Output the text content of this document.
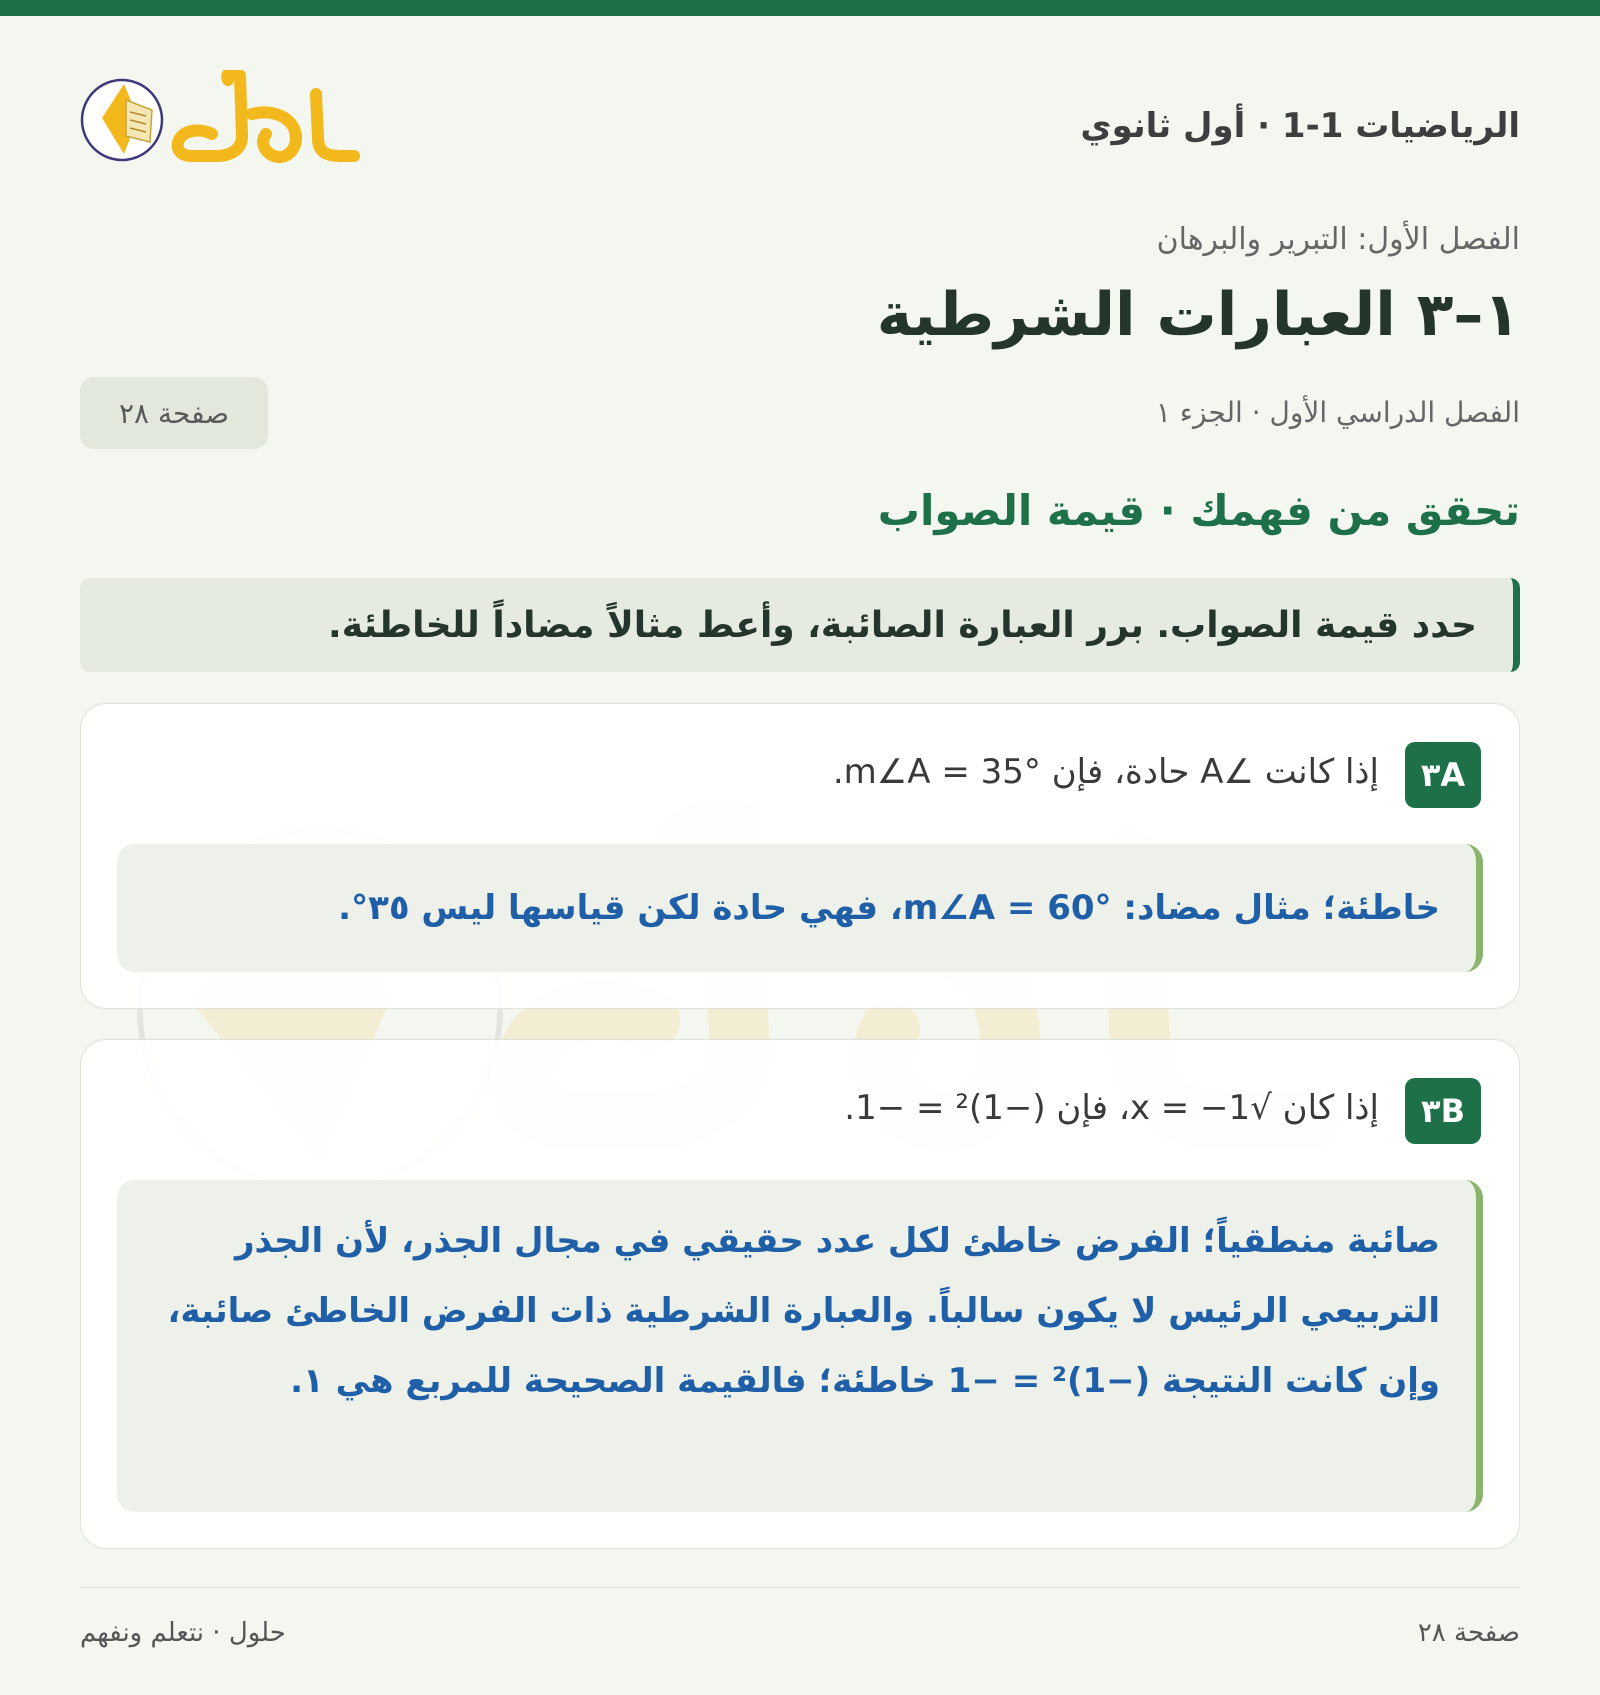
الرياضيات 1-1 · أول ثانوي
الفصل الأول: التبرير والبرهان
١–٣ العبارات الشرطية
الفصل الدراسي الأول · الجزء ١
صفحة ٢٨
تحقق من فهمك · قيمة الصواب
حدد قيمة الصواب. برر العبارة الصائبة، وأعط مثالاً مضاداً للخاطئة.
٣A
إذا كانت ∠A حادة، فإن m∠A = 35°.

خاطئة؛ مثال مضاد: m∠A = 60°، فهي حادة لكن قياسها ليس ٣٥°.

٣B
إذا كان √x = −1، فإن (−1)² = −1.

صائبة منطقياً؛ الفرض خاطئ لكل عدد حقيقي في مجال الجذر، لأن الجذر التربيعي الرئيس لا يكون سالباً. والعبارة الشرطية ذات الفرض الخاطئ صائبة، وإن كانت النتيجة (−1)² = −1 خاطئة؛ فالقيمة الصحيحة للمربع هي ١.

صفحة ٢٨
حلول · نتعلم ونفهم
